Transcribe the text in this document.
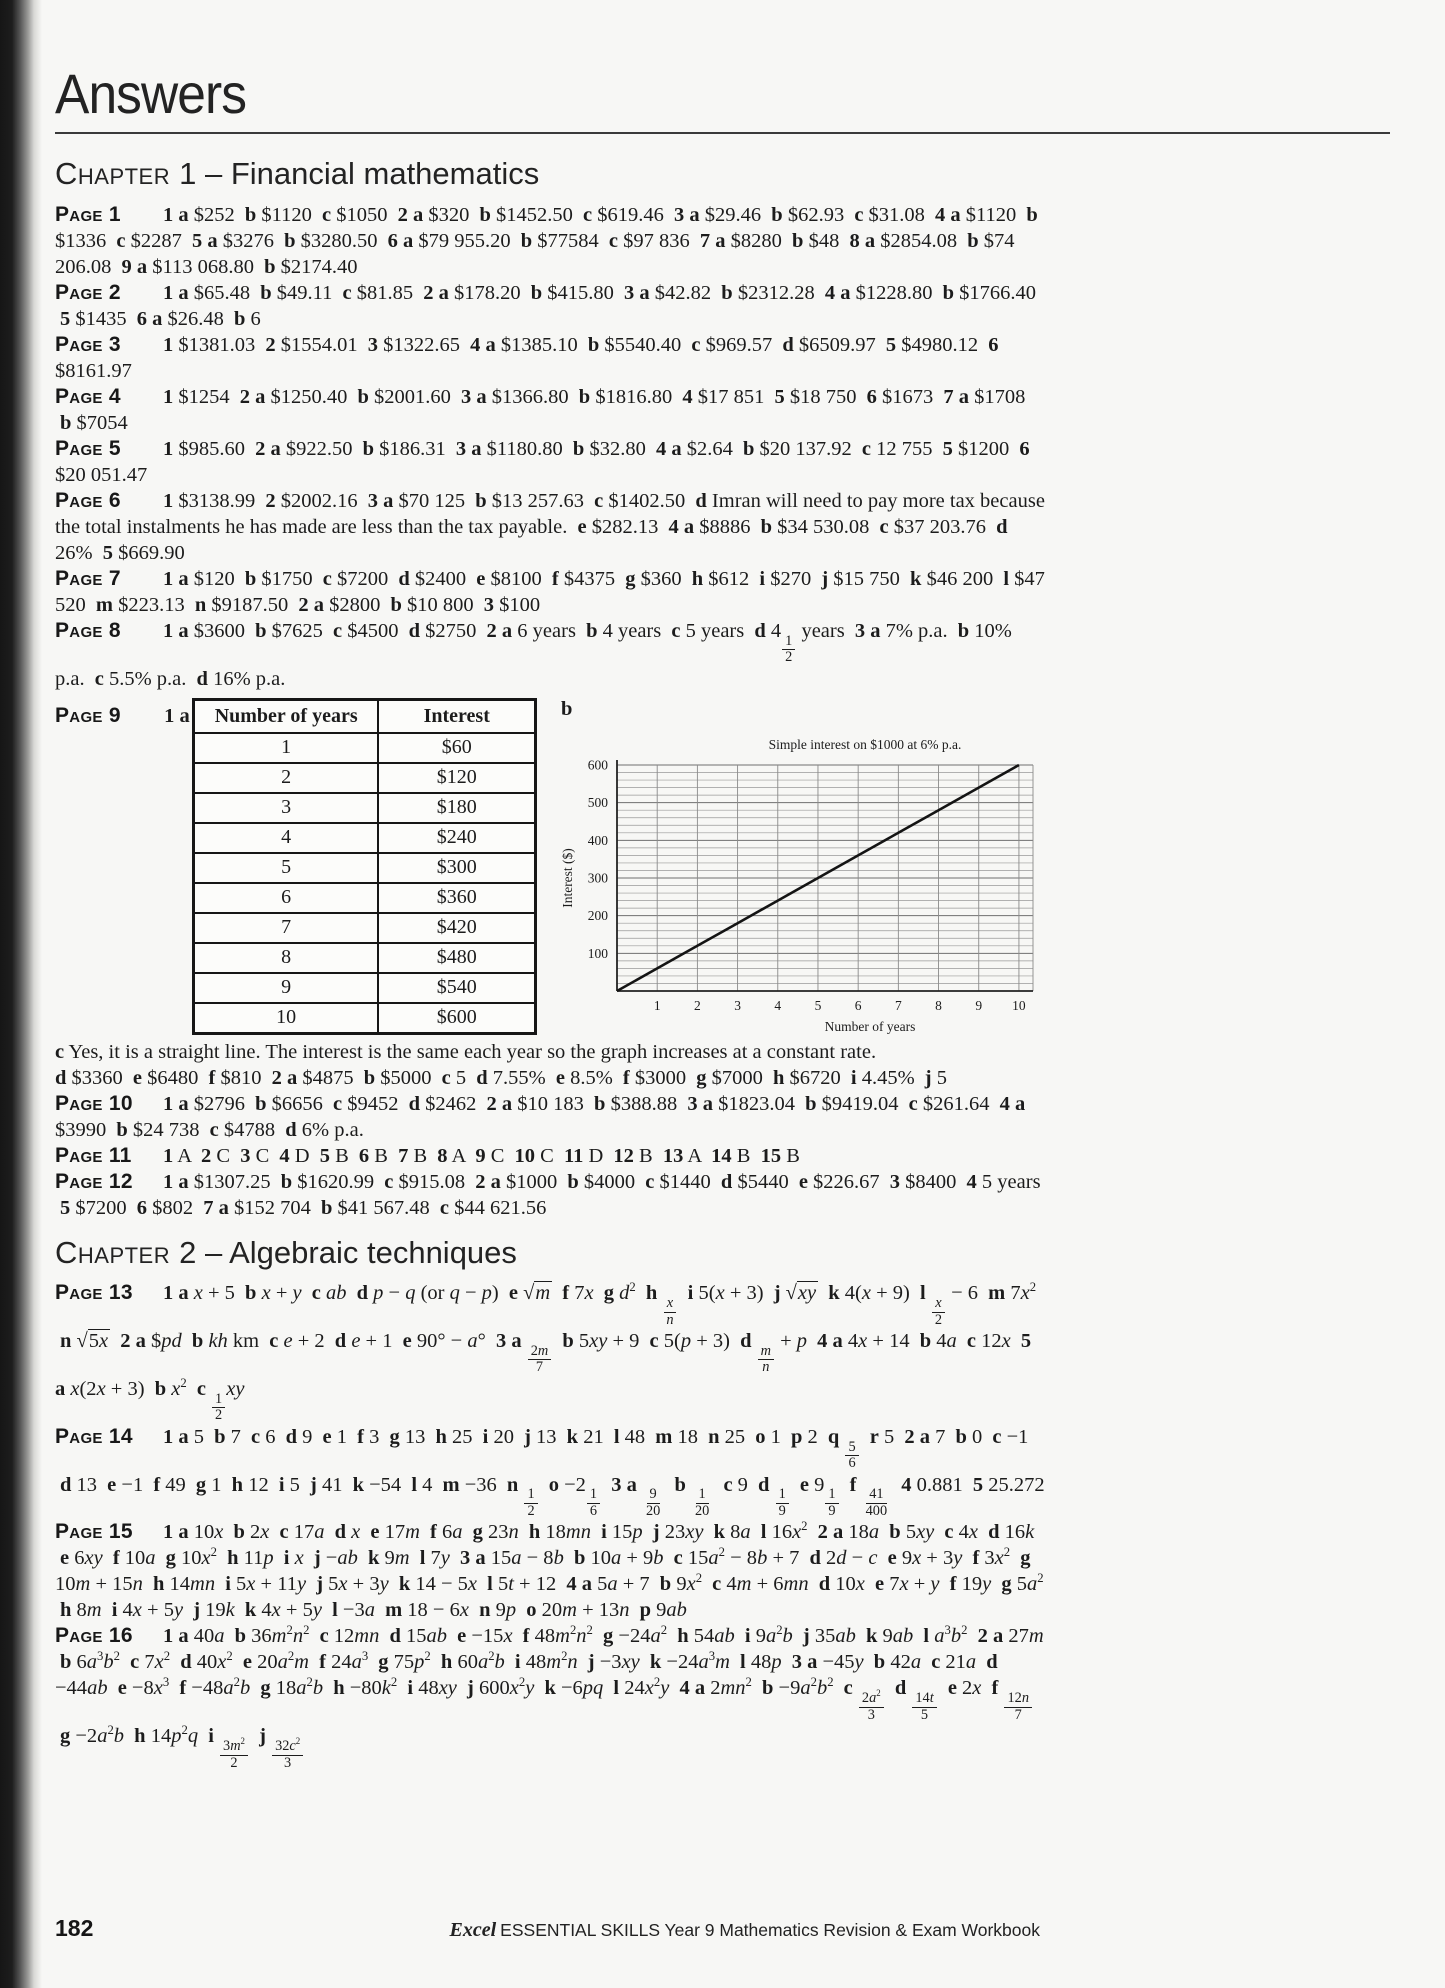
Answers
Chapter 1 – Financial mathematics

Page 1 1 a $252 b $1120 c $1050 2 a $320 b $1452.50 c $619.46 3 a $29.46 b $62.93 c $31.08 4 a $1120 b $1336 c $2287 5 a $3276 b $3280.50 6 a $79 955.20 b $77584 c $97 836 7 a $8280 b $48 8 a $2854.08 b $74 206.08 9 a $113 068.80 b $2174.40

Page 2 1 a $65.48 b $49.11 c $81.85 2 a $178.20 b $415.80 3 a $42.82 b $2312.28 4 a $1228.80 b $1766.40 5 $1435 6 a $26.48 b 6

Page 3 1 $1381.03 2 $1554.01 3 $1322.65 4 a $1385.10 b $5540.40 c $969.57 d $6509.97 5 $4980.12 6 $8161.97

Page 4 1 $1254 2 a $1250.40 b $2001.60 3 a $1366.80 b $1816.80 4 $17 851 5 $18 750 6 $1673 7 a $1708 b $7054

Page 5 1 $985.60 2 a $922.50 b $186.31 3 a $1180.80 b $32.80 4 a $2.64 b $20 137.92 c 12 755 5 $1200 6 $20 051.47

Page 6 1 $3138.99 2 $2002.16 3 a $70 125 b $13 257.63 c $1402.50 d Imran will need to pay more tax because the total instalments he has made are less than the tax payable. e $282.13 4 a $8886 b $34 530.08 c $37 203.76 d 26% 5 $669.90

Page 7 1 a $120 b $1750 c $7200 d $2400 e $8100 f $4375 g $360 h $612 i $270 j $15 750 k $46 200 l $47 520 m $223.13 n $9187.50 2 a $2800 b $10 800 3 $100

Page 8 1 a $3600 b $7625 c $4500 d $2750 2 a 6 years b 4 years c 5 years d 4
$\frac{1}{2}$
years 3 a 7% p.a. b 10% p.a. c 5.5% p.a. d 16% p.a.

Page 9 1 a Number of years	Interest
1	$60
2	$120
3	$180
4	$240
5	$300
6	$360
7	$420
8	$480
9	$540
10	$600
b
100
200
300
400
500
600
1 2 3 4 5 6 7 8 9 10
Simple interest on $1000 at 6% p.a.
Interest ($)
Number of years

c Yes, it is a straight line. The interest is the same each year so the graph increases at a constant rate.

d $3360 e $6480 f $810 2 a $4875 b $5000 c 5 d 7.55% e 8.5% f $3000 g $7000 h $6720 i 4.45% j 5

Page 10 1 a $2796 b $6656 c $9452 d $2462 2 a $10 183 b $388.88 3 a $1823.04 b $9419.04 c $261.64 4 a $3990 b $24 738 c $4788 d 6% p.a.

Page 11 1 A 2 C 3 C 4 D 5 B 6 B 7 B 8 A 9 C 10 C 11 D 12 B 13 A 14 B 15 B

Page 12 1 a $1307.25 b $1620.99 c $915.08 2 a $1000 b $4000 c $1440 d $5440 e $226.67 3 $8400 4 5 years 5 $7200 6 $802 7 a $152 704 b $41 567.48 c $44 621.56

Chapter 2 – Algebraic techniques

Page 13 1 a x + 5 b x + y c ab d p − q (or q − p) e √m f 7x g $d^2$ h
$\frac{x}{n}$
i 5(x + 3) j √xy k 4(x + 9) l
$\frac{x}{2}$
− 6 m $7x^2$ n √5x 2 a $pd b kh km c e + 2 d e + 1 e 90° − a° 3 a
$\frac{2m}{7}$
b 5xy + 9 c 5(p + 3) d
$\frac{m}{n}$
+ p 4 a 4x + 14 b 4a c 12x 5 a x(2x + 3) b $x^2$ c
$\frac{1}{2}$
xy

Page 14 1 a 5 b 7 c 6 d 9 e 1 f 3 g 13 h 25 i 20 j 13 k 21 l 48 m 18 n 25 o 1 p 2 q
$\frac{5}{6}$
r 5 2 a 7 b 0 c −1 d 13 e −1 f 49 g 1 h 12 i 5 j 41 k −54 l 4 m −36 n
$\frac{1}{2}$
o −2
$\frac{1}{6}$
3 a
$\frac{9}{20}$
b
$\frac{1}{20}$
c 9 d
$\frac{1}{9}$
e 9
$\frac{1}{9}$
f
$\frac{41}{400}$
4 0.881 5 25.272

Page 15 1 a 10x b 2x c 17a d x e 17m f 6a g 23n h 18mn i 15p j 23xy k 8a l $16x^2$ 2 a 18a b 5xy c 4x d 16k e 6xy f 10a g $10x^2$ h 11p i x j −ab k 9m l 7y 3 a 15a − 8b b 10a + 9b c $15a^2 - 8b + 7$ d 2d − c e 9x + 3y f $3x^2$ g 10m + 15n h 14mn i 5x + 11y j 5x + 3y k 14 − 5x l 5t + 12 4 a 5a + 7 b $9x^2$ c 4m + 6mn d 10x e 7x + y f 19y g $5a^2$ h 8m i 4x + 5y j 19k k 4x + 5y l −3a m 18 − 6x n 9p o 20m + 13n p 9ab

Page 16 1 a 40a b $36m^2n^2$ c 12mn d 15ab e −15x f $48m^2n^2$ $g -24a^2$ h 54ab i $9a^2b$ j 35ab k 9ab l $a^3b^2$ 2 a 27m b $6a^3b^2$ c $7x^2$ d $40x^2$ e $20a^2m$ f $24a^3$ g $75p^2$ h $60a^2b$ i $48m^2n$ j −3xy $k -24a^3m$ l 48p 3 a −45y b 42a c 21a d −44ab $e -8x^3$ $f -48a^2b$ g $18a^2b$ $h -80k^2$ i 48xy j $600x^2y$ k −6pq l $24x^2y$ 4 a $2mn^2$ $b -9a^2b^2$ c
$\frac{2a^2}{3}$
d
$\frac{14t}{5}$
e 2x f
$\frac{12n}{7}$
$g -2a^2b$ h $14p^2q$ i
$\frac{3m^2}{2}$
j
$\frac{32c^2}{3}$

182	Excel ESSENTIAL SKILLS Year 9 Mathematics Revision & Exam Workbook
